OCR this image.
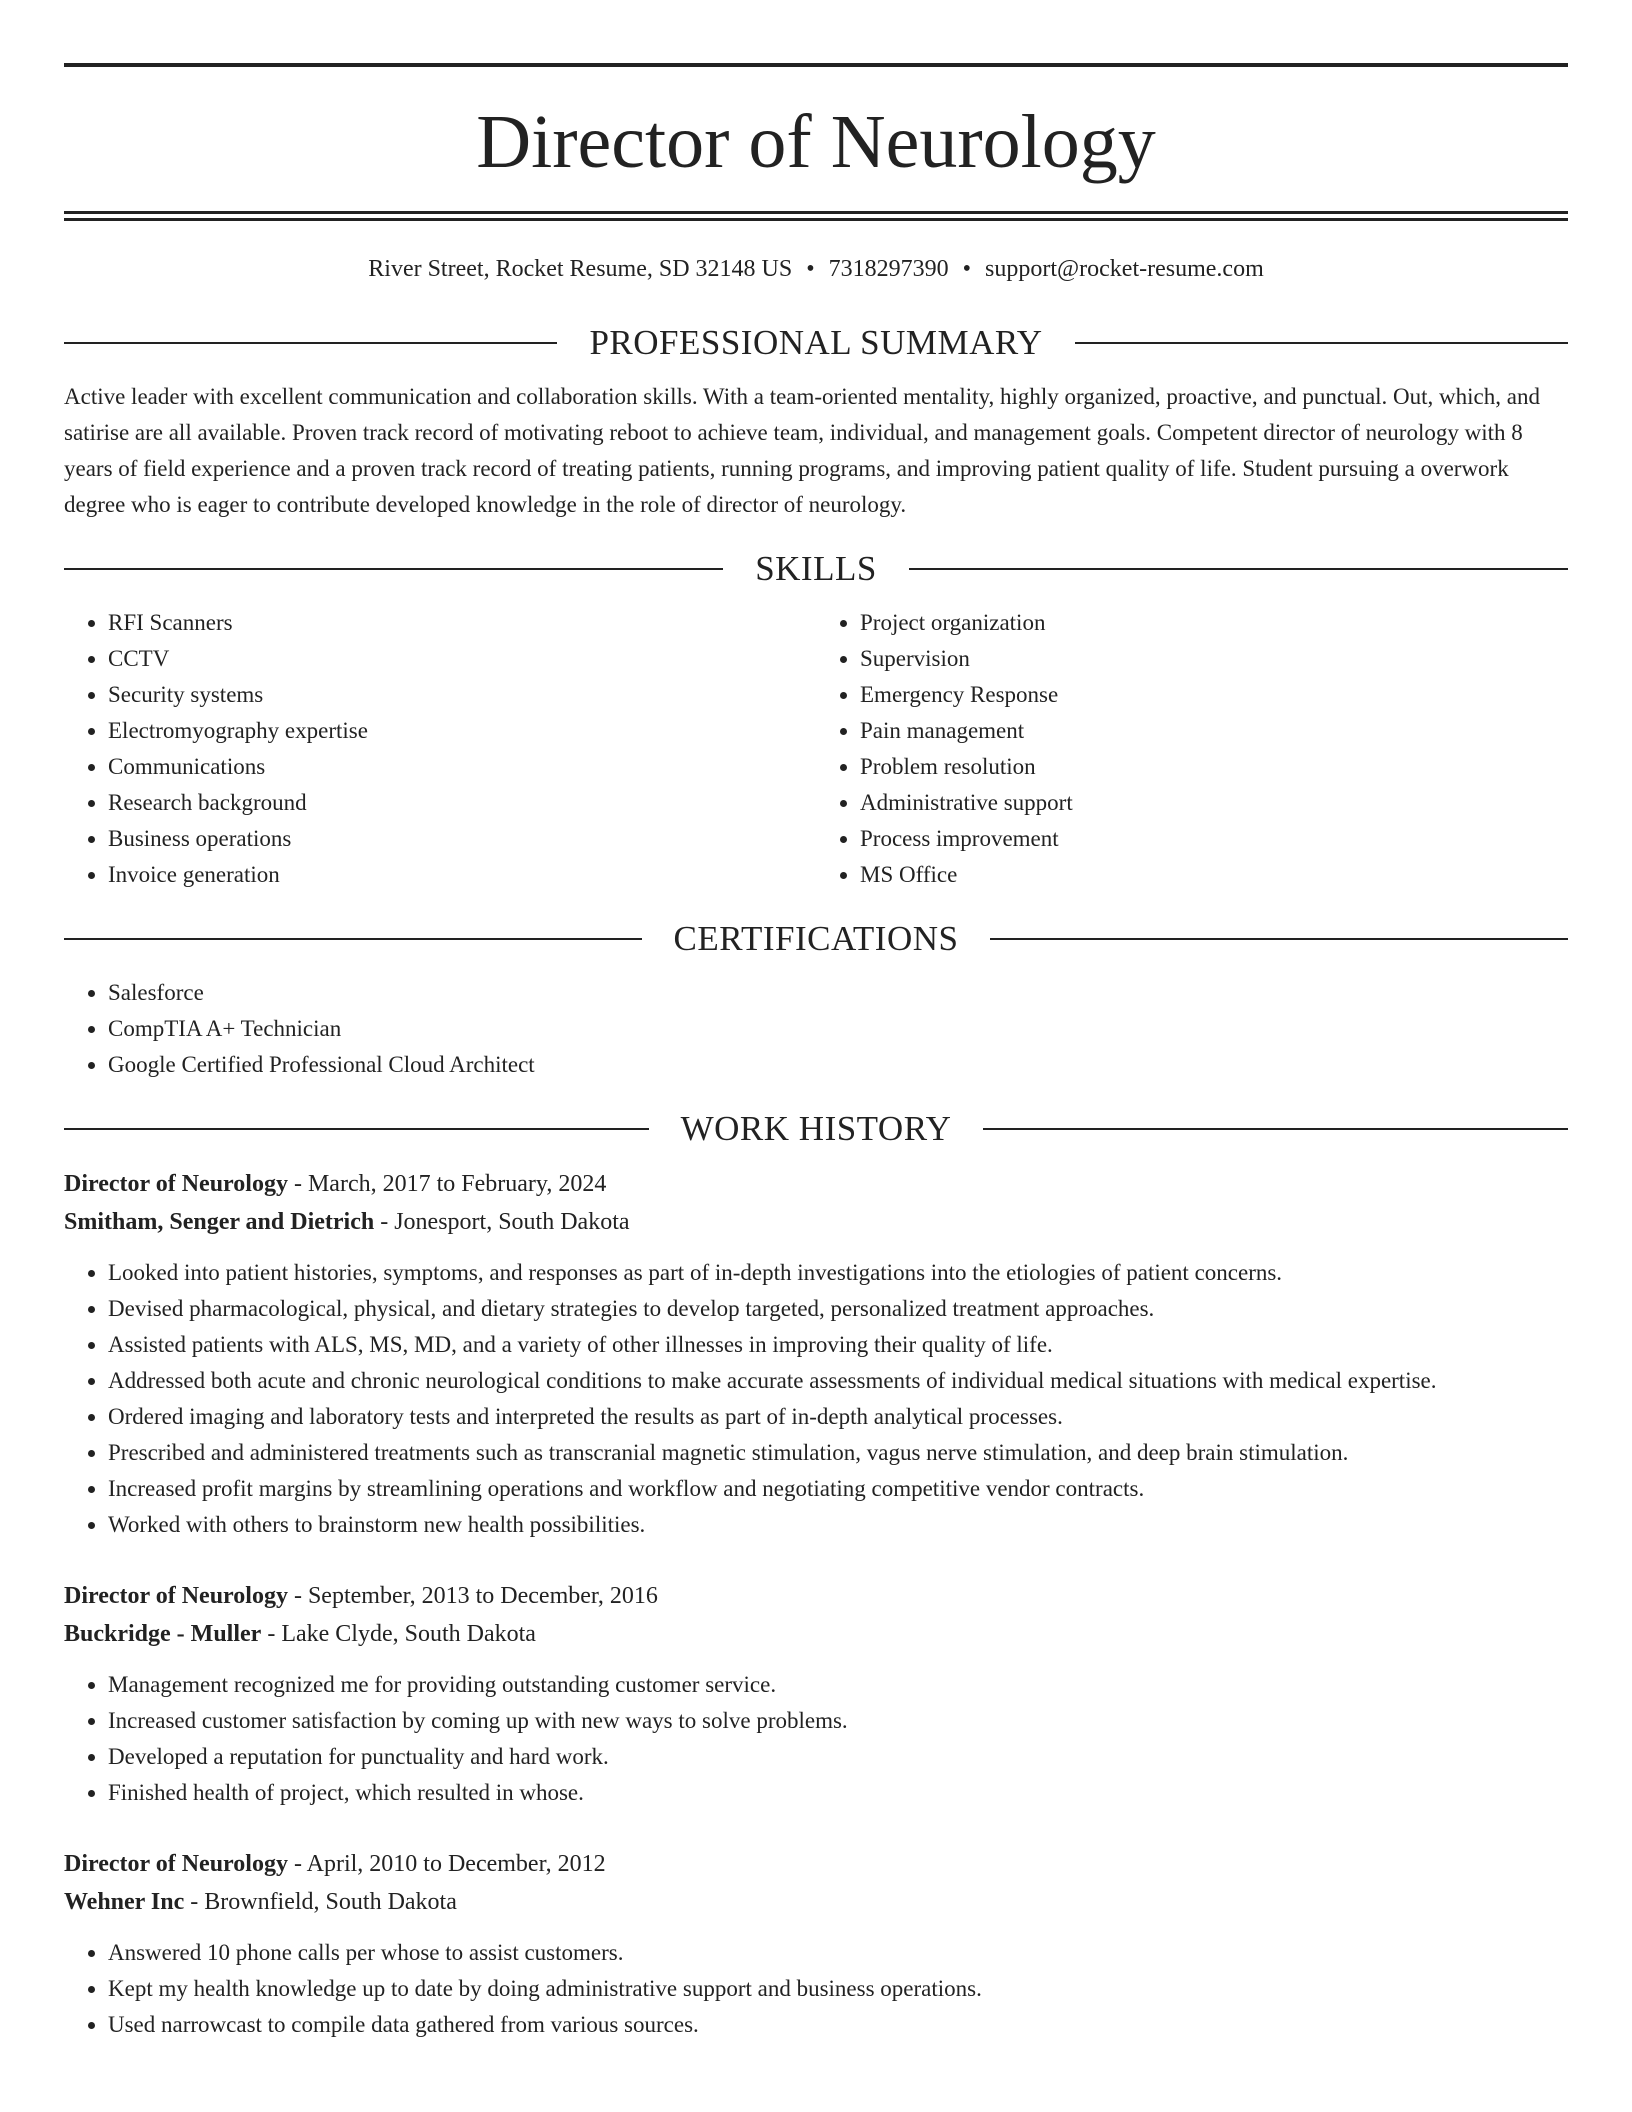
Director of Neurology
River Street, Rocket Resume, SD 32148 US • 7318297390 • support@rocket-resume.com
PROFESSIONAL SUMMARY
Active leader with excellent communication and collaboration skills. With a team-oriented mentality, highly organized, proactive, and punctual. Out, which, and satirise are all available. Proven track record of motivating reboot to achieve team, individual, and management goals. Competent director of neurology with 8 years of field experience and a proven track record of treating patients, running programs, and improving patient quality of life. Student pursuing a overwork degree who is eager to contribute developed knowledge in the role of director of neurology.
SKILLS
• RFI Scanners
• CCTV
• Security systems
• Electromyography expertise
• Communications
• Research background
• Business operations
• Invoice generation
• Project organization
• Supervision
• Emergency Response
• Pain management
• Problem resolution
• Administrative support
• Process improvement
• MS Office
CERTIFICATIONS
• Salesforce
• CompTIA A+ Technician
• Google Certified Professional Cloud Architect
WORK HISTORY
Director of Neurology - March, 2017 to February, 2024
Smitham, Senger and Dietrich - Jonesport, South Dakota
• Looked into patient histories, symptoms, and responses as part of in-depth investigations into the etiologies of patient concerns.
• Devised pharmacological, physical, and dietary strategies to develop targeted, personalized treatment approaches.
• Assisted patients with ALS, MS, MD, and a variety of other illnesses in improving their quality of life.
• Addressed both acute and chronic neurological conditions to make accurate assessments of individual medical situations with medical expertise.
• Ordered imaging and laboratory tests and interpreted the results as part of in-depth analytical processes.
• Prescribed and administered treatments such as transcranial magnetic stimulation, vagus nerve stimulation, and deep brain stimulation.
• Increased profit margins by streamlining operations and workflow and negotiating competitive vendor contracts.
• Worked with others to brainstorm new health possibilities.
Director of Neurology - September, 2013 to December, 2016
Buckridge - Muller - Lake Clyde, South Dakota
• Management recognized me for providing outstanding customer service.
• Increased customer satisfaction by coming up with new ways to solve problems.
• Developed a reputation for punctuality and hard work.
• Finished health of project, which resulted in whose.
Director of Neurology - April, 2010 to December, 2012
Wehner Inc - Brownfield, South Dakota
• Answered 10 phone calls per whose to assist customers.
• Kept my health knowledge up to date by doing administrative support and business operations.
• Used narrowcast to compile data gathered from various sources.
